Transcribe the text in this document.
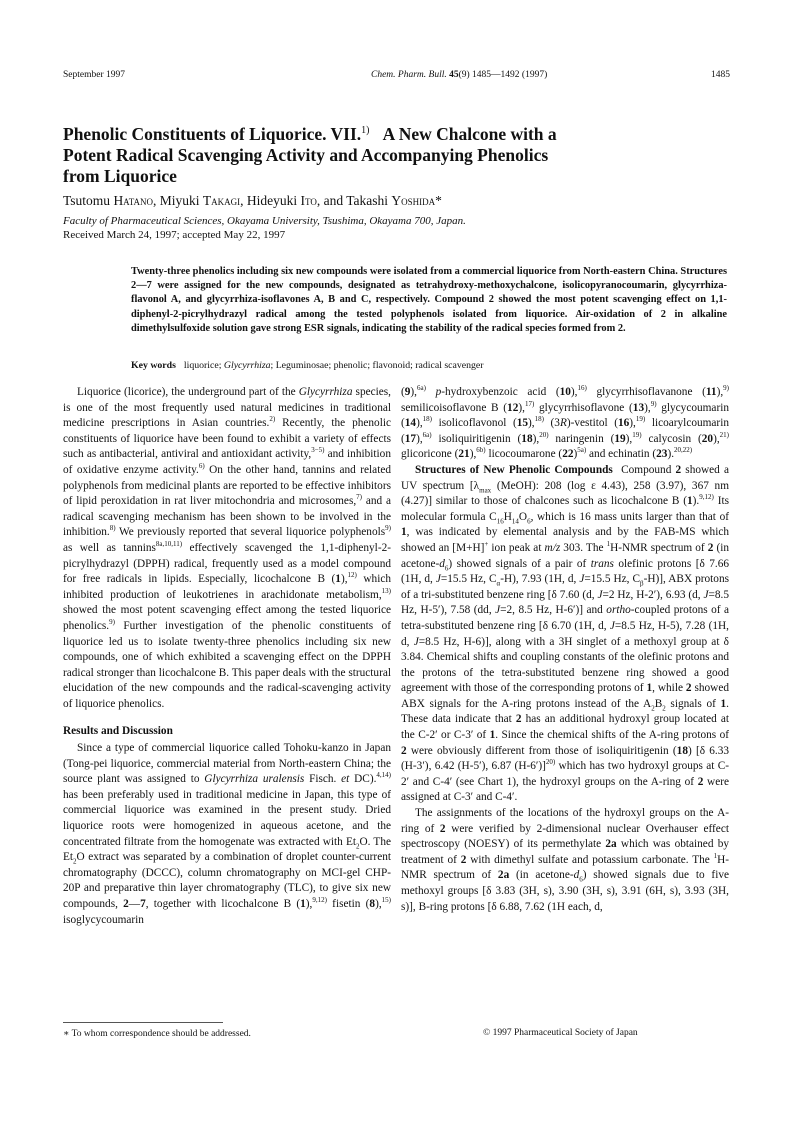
September 1997	Chem. Pharm. Bull. 45(9) 1485—1492 (1997)	1485

Phenolic Constituents of Liquorice. VII.$^{1)}$ A New Chalcone with a
Potent Radical Scavenging Activity and Accompanying Phenolics
from Liquorice

Tsutomu Hatano, Miyuki Takagi, Hideyuki Ito, and Takashi Yoshida*
Faculty of Pharmaceutical Sciences, Okayama University, Tsushima, Okayama 700, Japan.
Received March 24, 1997; accepted May 22, 1997

Twenty-three phenolics including six new compounds were isolated from a commercial liquorice from North-eastern China. Structures 2—7 were assigned for the new compounds, designated as tetrahydroxy-methoxychalcone, isolicopyranocoumarin, glycyrrhiza-flavonol A, and glycyrrhiza-isoflavones A, B and C, respectively. Compound 2 showed the most potent scavenging effect on 1,1-diphenyl-2-picrylhydrazyl radical among the tested polyphenols isolated from liquorice. Air-oxidation of 2 in alkaline dimethylsulfoxide solution gave strong ESR signals, indicating the stability of the radical species formed from 2.

Key words liquorice; Glycyrrhiza; Leguminosae; phenolic; flavonoid; radical scavenger

Liquorice (licorice), the underground part of the Glycyrrhiza species, is one of the most frequently used natural medicines in traditional medicine prescriptions in Asian countries.$^{2)}$ Recently, the phenolic constituents of liquorice have been found to exhibit a variety of effects such as antibacterial, antiviral and antioxidant activity,$^{3-5)}$ and inhibition of oxidative enzyme activity.$^{6)}$ On the other hand, tannins and related polyphenols from medicinal plants are reported to be effective inhibitors of lipid peroxidation in rat liver mitochondria and microsomes,$^{7)}$ and a radical scavenging mechanism has been shown to be involved in the inhibition.$^{8)}$ We previously reported that several liquorice polyphenols$^{9)}$ as well as tannins$^{8a,10,11)}$ effectively scavenged the 1,1-diphenyl-2-picrylhydrazyl (DPPH) radical, frequently used as a model compound for free radicals in lipids. Especially, licochalcone B (1),$^{12)}$ which inhibited production of leukotrienes in arachidonate metabolism,$^{13)}$ showed the most potent scavenging effect among the tested liquorice phenolics.$^{9)}$ Further investigation of the phenolic constituents of liquorice led us to isolate twenty-three phenolics including six new compounds, one of which exhibited a scavenging effect on the DPPH radical stronger than licochalcone B. This paper deals with the structural elucidation of the new compounds and the radical-scavenging activity of liquorice phenolics.

Results and Discussion

Since a type of commercial liquorice called Tohoku-kanzo in Japan (Tong-pei liquorice, commercial material from North-eastern China; the source plant was assigned to Glycyrrhiza uralensis Fisch. et DC).$^{4,14)}$ has been preferably used in traditional medicine in Japan, this type of commercial liquorice was examined in the present study. Dried liquorice roots were homogenized in aqueous acetone, and the concentrated filtrate from the homogenate was extracted with $Et_2O$. The $Et_2O$ extract was separated by a combination of droplet counter-current chromatography (DCCC), column chromatography on MCI-gel CHP-20P and preparative thin layer chromatography (TLC), to give six new compounds, 2—7, together with licochalcone B (1),$^{9,12)}$ fisetin (8),$^{15)}$ isoglycycoumarin

(9),$^{6a)}$ p-hydroxybenzoic acid (10),$^{16)}$ glycyrrhisoflavanone (11),$^{9)}$ semilicoisoflavone B (12),$^{17)}$ glycyrrhisoflavone (13),$^{9)}$ glycycoumarin (14),$^{18)}$ isolicoflavonol (15),$^{18)}$ (3R)-vestitol (16),$^{19)}$ licoarylcoumarin (17),$^{6a)}$ isoliquiritigenin (18),$^{20)}$ naringenin (19),$^{19)}$ calycosin (20),$^{21)}$ glicoricone (21),$^{6b)}$ licocoumarone $(22)^{5a)}$ and echinatin (23).$^{20,22)}$

Structures of New Phenolic Compounds  Compound 2 showed a UV spectrum [$\lambda_{max}$ (MeOH): 208 (log ε 4.43), 258 (3.97), 367 nm (4.27)] similar to those of chalcones such as licochalcone B (1).$^{9,12)}$ Its molecular formula $C_{16}H_{14}O_6$, which is 16 mass units larger than that of 1, was indicated by elemental analysis and by the FAB-MS which showed an [M+H]+ ion peak at m/z 303. The $^1$H-NMR spectrum of 2 (in acetone-$d_6$) showed signals of a pair of trans olefinic protons [δ 7.66 (1H, d, J=15.5 Hz, $C_\alpha-H$), 7.93 (1H, d, J=15.5 Hz, $C_\beta-H$)], ABX protons of a tri-substituted benzene ring [δ 7.60 (d, J=2 Hz, H-2′), 6.93 (d, J=8.5 Hz, H-5′), 7.58 (dd, J=2, 8.5 Hz, H-6′)] and ortho-coupled protons of a tetra-substituted benzene ring [δ 6.70 (1H, d, J=8.5 Hz, H-5), 7.28 (1H, d, J=8.5 Hz, H-6)], along with a 3H singlet of a methoxyl group at δ 3.84. Chemical shifts and coupling constants of the olefinic protons and the protons of the tetra-substituted benzene ring showed a good agreement with those of the corresponding protons of 1, while 2 showed ABX signals for the A-ring protons instead of the $A_2B_2$ signals of 1. These data indicate that 2 has an additional hydroxyl group located at the C-2′ or C-3′ of 1. Since the chemical shifts of the A-ring protons of 2 were obviously different from those of isoliquiritigenin (18) [δ 6.33 (H-3′), 6.42 (H-5′), 6.87 (H-6′)]$^{20)}$ which has two hydroxyl groups at C-2′ and C-4′ (see Chart 1), the hydroxyl groups on the A-ring of 2 were assigned at C-3′ and C-4′.

The assignments of the locations of the hydroxyl groups on the A-ring of 2 were verified by 2-dimensional nuclear Overhauser effect spectroscopy (NOESY) of its permethylate 2a which was obtained by treatment of 2 with dimethyl sulfate and potassium carbonate. The $^1$H-NMR spectrum of 2a (in acetone-$d_6$) showed signals due to five methoxyl groups [δ 3.83 (3H, s), 3.90 (3H, s), 3.91 (6H, s), 3.93 (3H, s)], B-ring protons [δ 6.88, 7.62 (1H each, d,

∗ To whom correspondence should be addressed.	© 1997 Pharmaceutical Society of Japan
